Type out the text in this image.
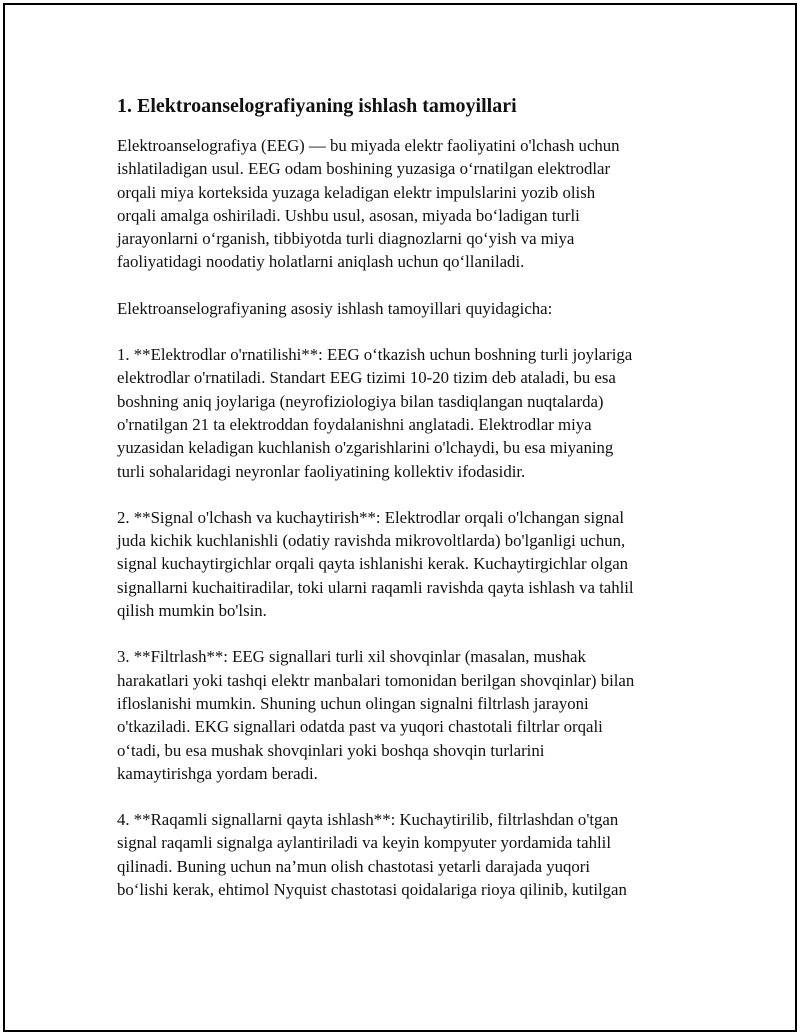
1. Elektroanselografiyaning ishlash tamoyillari
Elektroanselografiya (EEG) — bu miyada elektr faoliyatini o'lchash uchun
ishlatiladigan usul. EEG odam boshining yuzasiga o‘rnatilgan elektrodlar
orqali miya korteksida yuzaga keladigan elektr impulslarini yozib olish
orqali amalga oshiriladi. Ushbu usul, asosan, miyada bo‘ladigan turli
jarayonlarni o‘rganish, tibbiyotda turli diagnozlarni qo‘yish va miya
faoliyatidagi noodatiy holatlarni aniqlash uchun qo‘llaniladi.
Elektroanselografiyaning asosiy ishlash tamoyillari quyidagicha:
1. **Elektrodlar o'rnatilishi**: EEG o‘tkazish uchun boshning turli joylariga
elektrodlar o'rnatiladi. Standart EEG tizimi 10-20 tizim deb ataladi, bu esa
boshning aniq joylariga (neyrofiziologiya bilan tasdiqlangan nuqtalarda)
o'rnatilgan 21 ta elektroddan foydalanishni anglatadi. Elektrodlar miya
yuzasidan keladigan kuchlanish o'zgarishlarini o'lchaydi, bu esa miyaning
turli sohalaridagi neyronlar faoliyatining kollektiv ifodasidir.
2. **Signal o'lchash va kuchaytirish**: Elektrodlar orqali o'lchangan signal
juda kichik kuchlanishli (odatiy ravishda mikrovoltlarda) bo'lganligi uchun,
signal kuchaytirgichlar orqali qayta ishlanishi kerak. Kuchaytirgichlar olgan
signallarni kuchaitiradilar, toki ularni raqamli ravishda qayta ishlash va tahlil
qilish mumkin bo'lsin.
3. **Filtrlash**: EEG signallari turli xil shovqinlar (masalan, mushak
harakatlari yoki tashqi elektr manbalari tomonidan berilgan shovqinlar) bilan
ifloslanishi mumkin. Shuning uchun olingan signalni filtrlash jarayoni
o'tkaziladi. EKG signallari odatda past va yuqori chastotali filtrlar orqali
o‘tadi, bu esa mushak shovqinlari yoki boshqa shovqin turlarini
kamaytirishga yordam beradi.
4. **Raqamli signallarni qayta ishlash**: Kuchaytirilib, filtrlashdan o'tgan
signal raqamli signalga aylantiriladi va keyin kompyuter yordamida tahlil
qilinadi. Buning uchun na’mun olish chastotasi yetarli darajada yuqori
bo‘lishi kerak, ehtimol Nyquist chastotasi qoidalariga rioya qilinib, kutilgan
